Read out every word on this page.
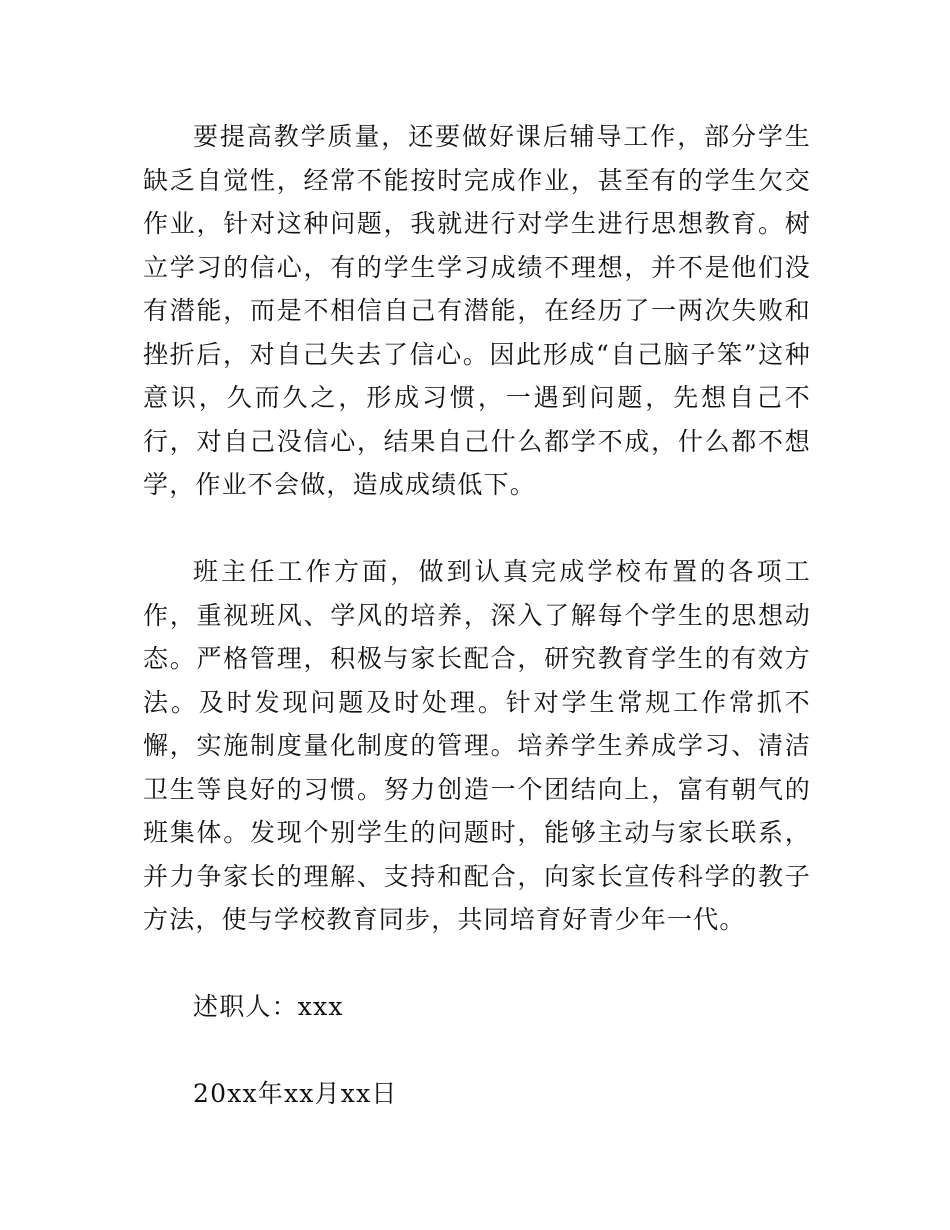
要提高教学质量，还要做好课后辅导工作，部分学生缺乏自觉性，经常不能按时完成作业，甚至有的学生欠交作业，针对这种问题，我就进行对学生进行思想教育。树立学习的信心，有的学生学习成绩不理想，并不是他们没有潜能，而是不相信自己有潜能，在经历了一两次失败和挫折后，对自己失去了信心。因此形成“自己脑子笨”这种意识，久而久之，形成习惯，一遇到问题，先想自己不行，对自己没信心，结果自己什么都学不成，什么都不想学，作业不会做，造成成绩低下。

班主任工作方面，做到认真完成学校布置的各项工作，重视班风、学风的培养，深入了解每个学生的思想动态。严格管理，积极与家长配合，研究教育学生的有效方法。及时发现问题及时处理。针对学生常规工作常抓不懈，实施制度量化制度的管理。培养学生养成学习、清洁卫生等良好的习惯。努力创造一个团结向上，富有朝气的班集体。发现个别学生的问题时，能够主动与家长联系，并力争家长的理解、支持和配合，向家长宣传科学的教子方法，使与学校教育同步，共同培育好青少年一代。

述职人：xxx

20xx年xx月xx日
